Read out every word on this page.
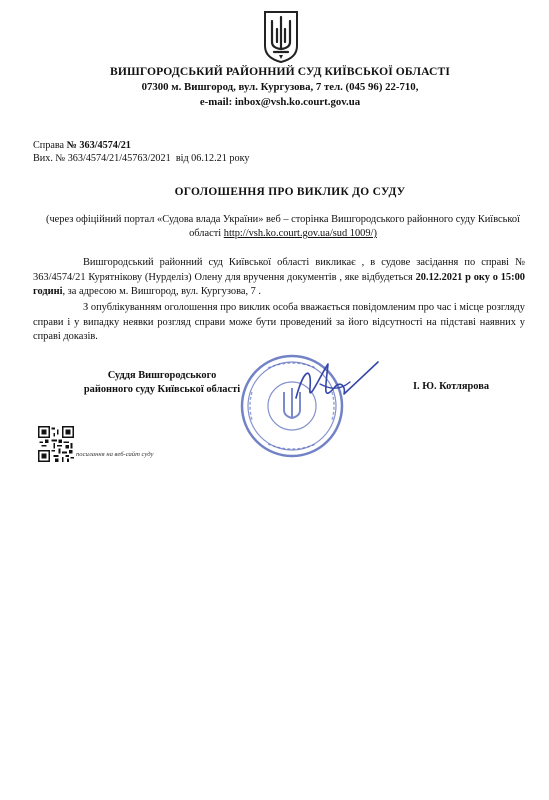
ВИШГОРОДСЬКИЙ РАЙОННИЙ СУД КИЇВСЬКОЇ ОБЛАСТІ
07300 м. Вишгород, вул. Кургузова, 7 тел. (045 96) 22-710,
e-mail: inbox@vsh.ko.court.gov.ua
Справа № 363/4574/21
Вих. № 363/4574/21/45763/2021 від 06.12.21 року
ОГОЛОШЕННЯ ПРО ВИКЛИК ДО СУДУ
(через офіційний портал «Судова влада України» веб – сторінка Вишгородського районного суду Київської області http://vsh.ko.court.gov.ua/sud 1009/)
Вишгородський районний суд Київської області викликає , в судове засідання по справі № 363/4574/21 Курятнікову (Нурделіз) Олену для вручення документів , яке відбудеться 20.12.2021 р оку о 15:00 годині, за адресою м. Вишгород, вул. Кургузова, 7 .
З опублікуванням оголошення про виклик особа вважається повідомленим про час і місце розгляду справи і у випадку неявки розгляд справи може бути проведений за його відсутності на підставі наявних у справі доказів.
Суддя Вишгородського
районного суду Київської області	І. Ю. Котлярова
посилання на веб-сайт суду
